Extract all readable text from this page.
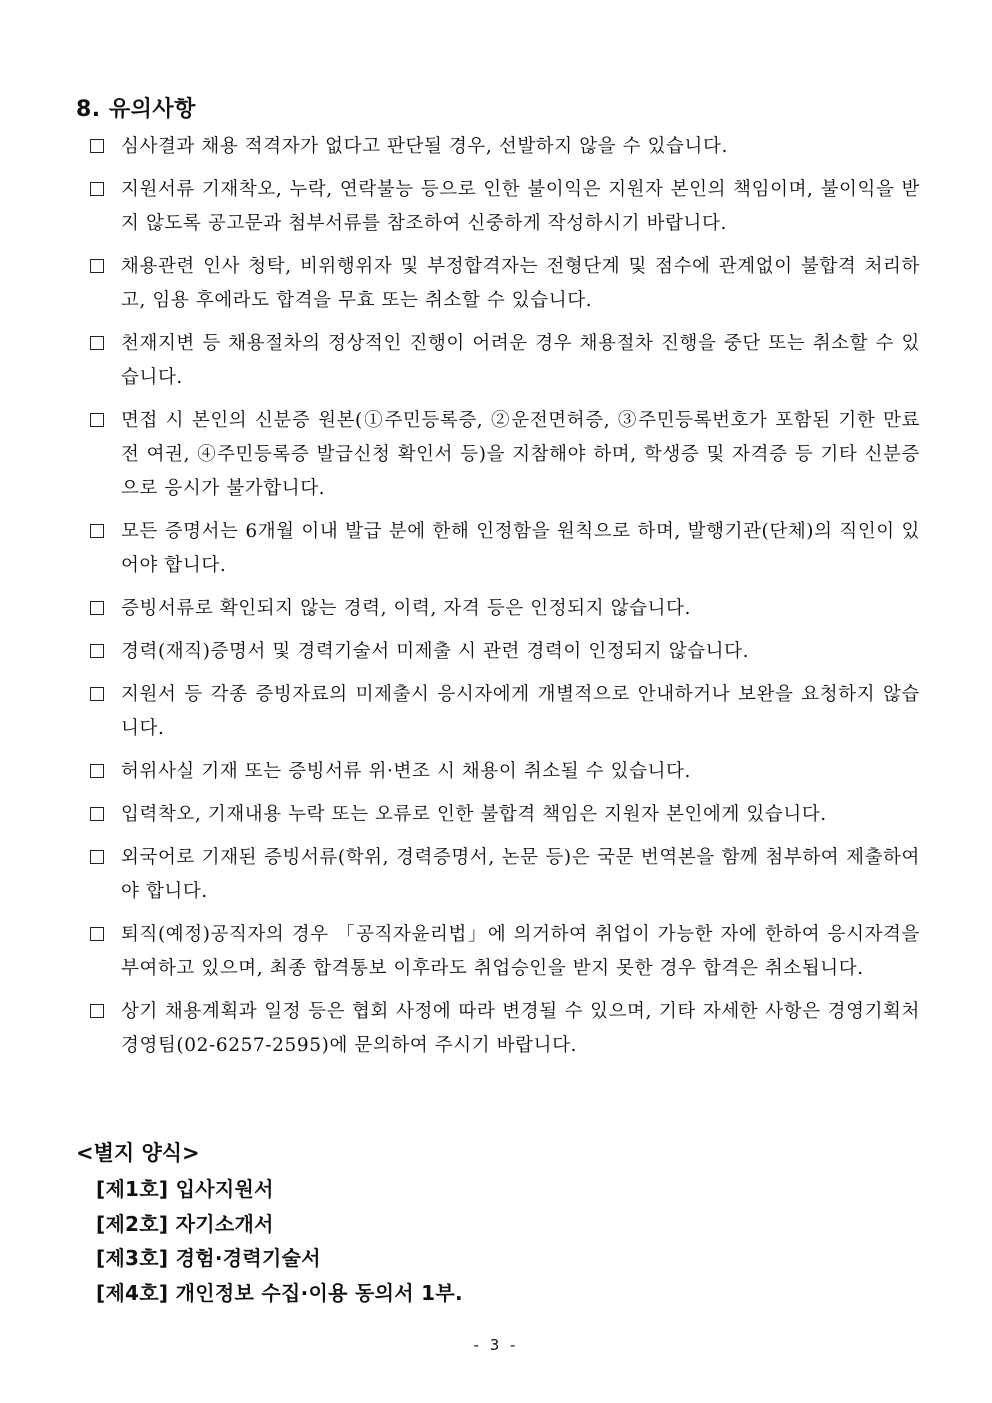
8. 유의사항
심사결과 채용 적격자가 없다고 판단될 경우, 선발하지 않을 수 있습니다.
지원서류 기재착오, 누락, 연락불능 등으로 인한 불이익은 지원자 본인의 책임이며, 불이익을 받지 않도록 공고문과 첨부서류를 참조하여 신중하게 작성하시기 바랍니다.
채용관련 인사 청탁, 비위행위자 및 부정합격자는 전형단계 및 점수에 관계없이 불합격 처리하고, 임용 후에라도 합격을 무효 또는 취소할 수 있습니다.
천재지변 등 채용절차의 정상적인 진행이 어려운 경우 채용절차 진행을 중단 또는 취소할 수 있습니다.
면접 시 본인의 신분증 원본(①주민등록증, ②운전면허증, ③주민등록번호가 포함된 기한 만료 전 여권, ④주민등록증 발급신청 확인서 등)을 지참해야 하며, 학생증 및 자격증 등 기타 신분증으로 응시가 불가합니다.
모든 증명서는 6개월 이내 발급 분에 한해 인정함을 원칙으로 하며, 발행기관(단체)의 직인이 있어야 합니다.
증빙서류로 확인되지 않는 경력, 이력, 자격 등은 인정되지 않습니다.
경력(재직)증명서 및 경력기술서 미제출 시 관련 경력이 인정되지 않습니다.
지원서 등 각종 증빙자료의 미제출시 응시자에게 개별적으로 안내하거나 보완을 요청하지 않습니다.
허위사실 기재 또는 증빙서류 위·변조 시 채용이 취소될 수 있습니다.
입력착오, 기재내용 누락 또는 오류로 인한 불합격 책임은 지원자 본인에게 있습니다.
외국어로 기재된 증빙서류(학위, 경력증명서, 논문 등)은 국문 번역본을 함께 첨부하여 제출하여야 합니다.
퇴직(예정)공직자의 경우 「공직자윤리법」에 의거하여 취업이 가능한 자에 한하여 응시자격을 부여하고 있으며, 최종 합격통보 이후라도 취업승인을 받지 못한 경우 합격은 취소됩니다.
상기 채용계획과 일정 등은 협회 사정에 따라 변경될 수 있으며, 기타 자세한 사항은 경영기획처 경영팀(02-6257-2595)에 문의하여 주시기 바랍니다.
<별지 양식>
[제1호] 입사지원서
[제2호] 자기소개서
[제3호] 경험·경력기술서
[제4호] 개인정보 수집·이용 동의서 1부.
- 3 -
